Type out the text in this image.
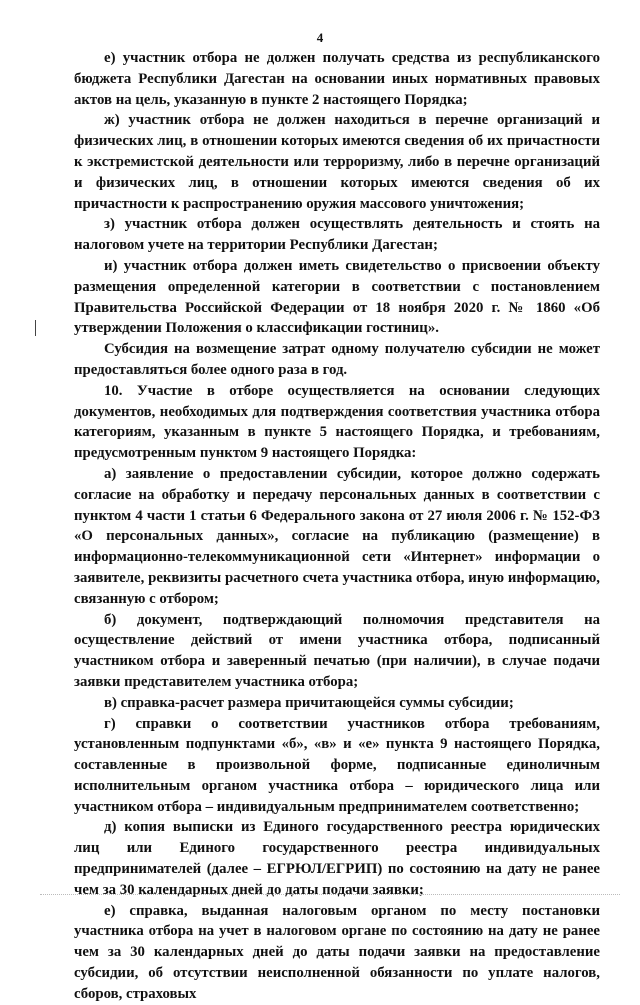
4

е) участник отбора не должен получать средства из республиканского бюджета Республики Дагестан на основании иных нормативных правовых актов на цель, указанную в пункте 2 настоящего Порядка;

ж) участник отбора не должен находиться в перечне организаций и физических лиц, в отношении которых имеются сведения об их причастности к экстремистской деятельности или терроризму, либо в перечне организаций и физических лиц, в отношении которых имеются сведения об их причастности к распространению оружия массового уничтожения;

з) участник отбора должен осуществлять деятельность и стоять на налоговом учете на территории Республики Дагестан;

и) участник отбора должен иметь свидетельство о присвоении объекту размещения определенной категории в соответствии с постановлением Правительства Российской Федерации от 18 ноября 2020 г. № 1860 «Об утверждении Положения о классификации гостиниц».

Субсидия на возмещение затрат одному получателю субсидии не может предоставляться более одного раза в год.

10. Участие в отборе осуществляется на основании следующих документов, необходимых для подтверждения соответствия участника отбора категориям, указанным в пункте 5 настоящего Порядка, и требованиям, предусмотренным пунктом 9 настоящего Порядка:

а) заявление о предоставлении субсидии, которое должно содержать согласие на обработку и передачу персональных данных в соответствии с пунктом 4 части 1 статьи 6 Федерального закона от 27 июля 2006 г. № 152-ФЗ «О персональных данных», согласие на публикацию (размещение) в информационно-телекоммуникационной сети «Интернет» информации о заявителе, реквизиты расчетного счета участника отбора, иную информацию, связанную с отбором;

б) документ, подтверждающий полномочия представителя на осуществление действий от имени участника отбора, подписанный участником отбора и заверенный печатью (при наличии), в случае подачи заявки представителем участника отбора;

в) справка-расчет размера причитающейся суммы субсидии;

г) справки о соответствии участников отбора требованиям, установленным подпунктами «б», «в» и «е» пункта 9 настоящего Порядка, составленные в произвольной форме, подписанные единоличным исполнительным органом участника отбора – юридического лица или участником отбора – индивидуальным предпринимателем соответственно;

д) копия выписки из Единого государственного реестра юридических лиц или Единого государственного реестра индивидуальных предпринимателей (далее – ЕГРЮЛ/ЕГРИП) по состоянию на дату не ранее чем за 30 календарных дней до даты подачи заявки;

е) справка, выданная налоговым органом по месту постановки участника отбора на учет в налоговом органе по состоянию на дату не ранее чем за 30 календарных дней до даты подачи заявки на предоставление субсидии, об отсутствии неисполненной обязанности по уплате налогов, сборов, страховых
